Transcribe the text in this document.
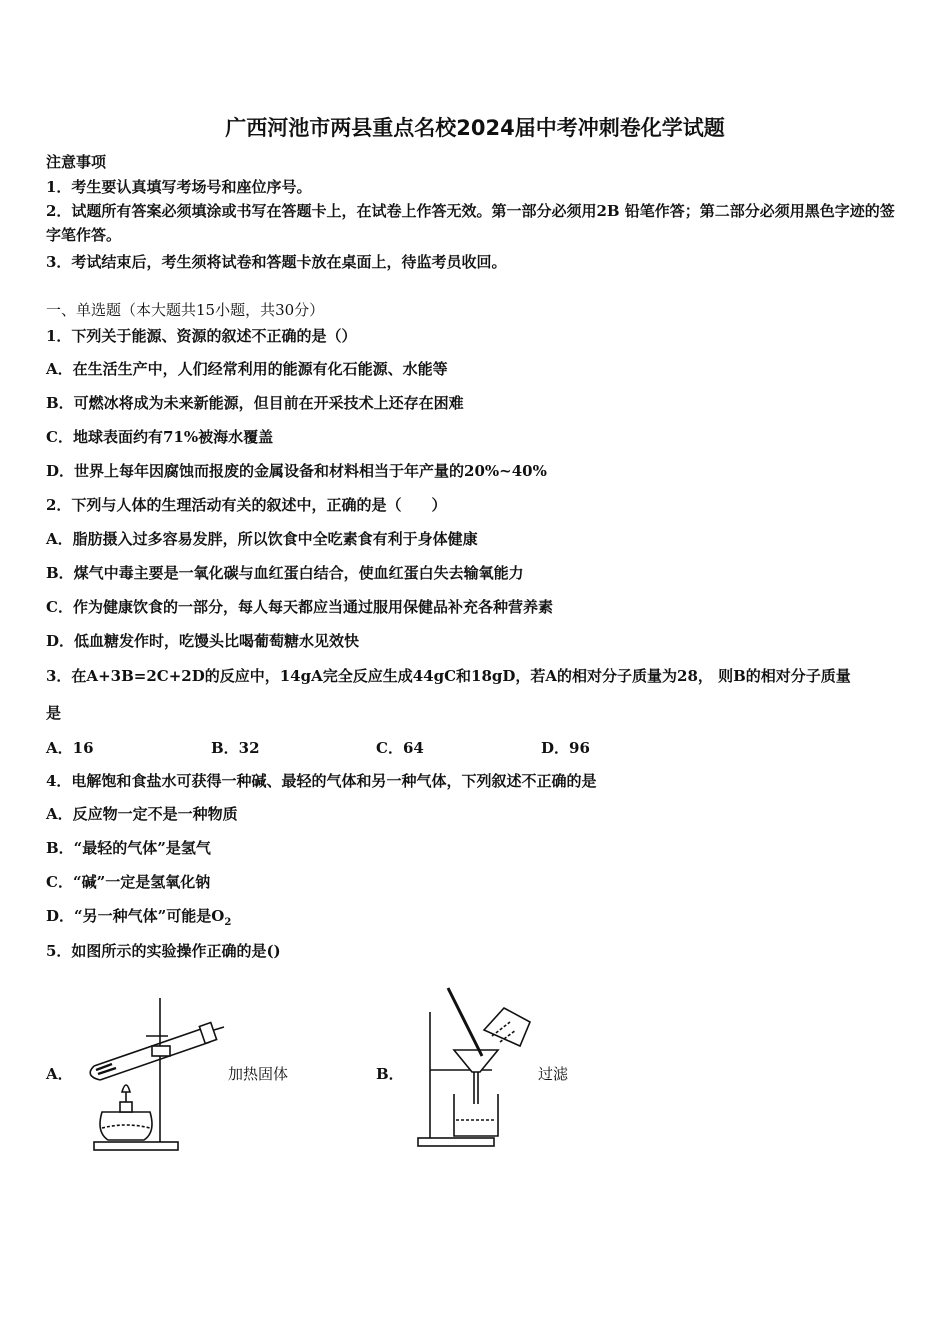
广西河池市两县重点名校2024届中考冲刺卷化学试题
注意事项
1．考生要认真填写考场号和座位序号。
2．试题所有答案必须填涂或书写在答题卡上，在试卷上作答无效。第一部分必须用2B 铅笔作答；第二部分必须用黑色字迹的签字笔作答。
3．考试结束后，考生须将试卷和答题卡放在桌面上，待监考员收回。
一、单选题（本大题共15小题，共30分）
1．下列关于能源、资源的叙述不正确的是（）
A．在生活生产中，人们经常利用的能源有化石能源、水能等
B．可燃冰将成为未来新能源，但目前在开采技术上还存在困难
C．地球表面约有71%被海水覆盖
D．世界上每年因腐蚀而报废的金属设备和材料相当于年产量的20%~40%
2．下列与人体的生理活动有关的叙述中，正确的是（　　）
A．脂肪摄入过多容易发胖，所以饮食中全吃素食有利于身体健康
B．煤气中毒主要是一氧化碳与血红蛋白结合，使血红蛋白失去输氧能力
C．作为健康饮食的一部分，每人每天都应当通过服用保健品补充各种营养素
D．低血糖发作时，吃馒头比喝葡萄糖水见效快
3．在A+3B=2C+2D的反应中，14gA完全反应生成44gC和18gD，若A的相对分子质量为28， 则B的相对分子质量
是
A．16	B．32	C．64	D．96
4．电解饱和食盐水可获得一种碱、最轻的气体和另一种气体，下列叙述不正确的是
A．反应物一定不是一种物质
B．“最轻的气体”是氢气
C．“碱”一定是氢氧化钠
D．“另一种气体”可能是$O_2$
5．如图所示的实验操作正确的是()
A．	加热固体	B．	过滤
